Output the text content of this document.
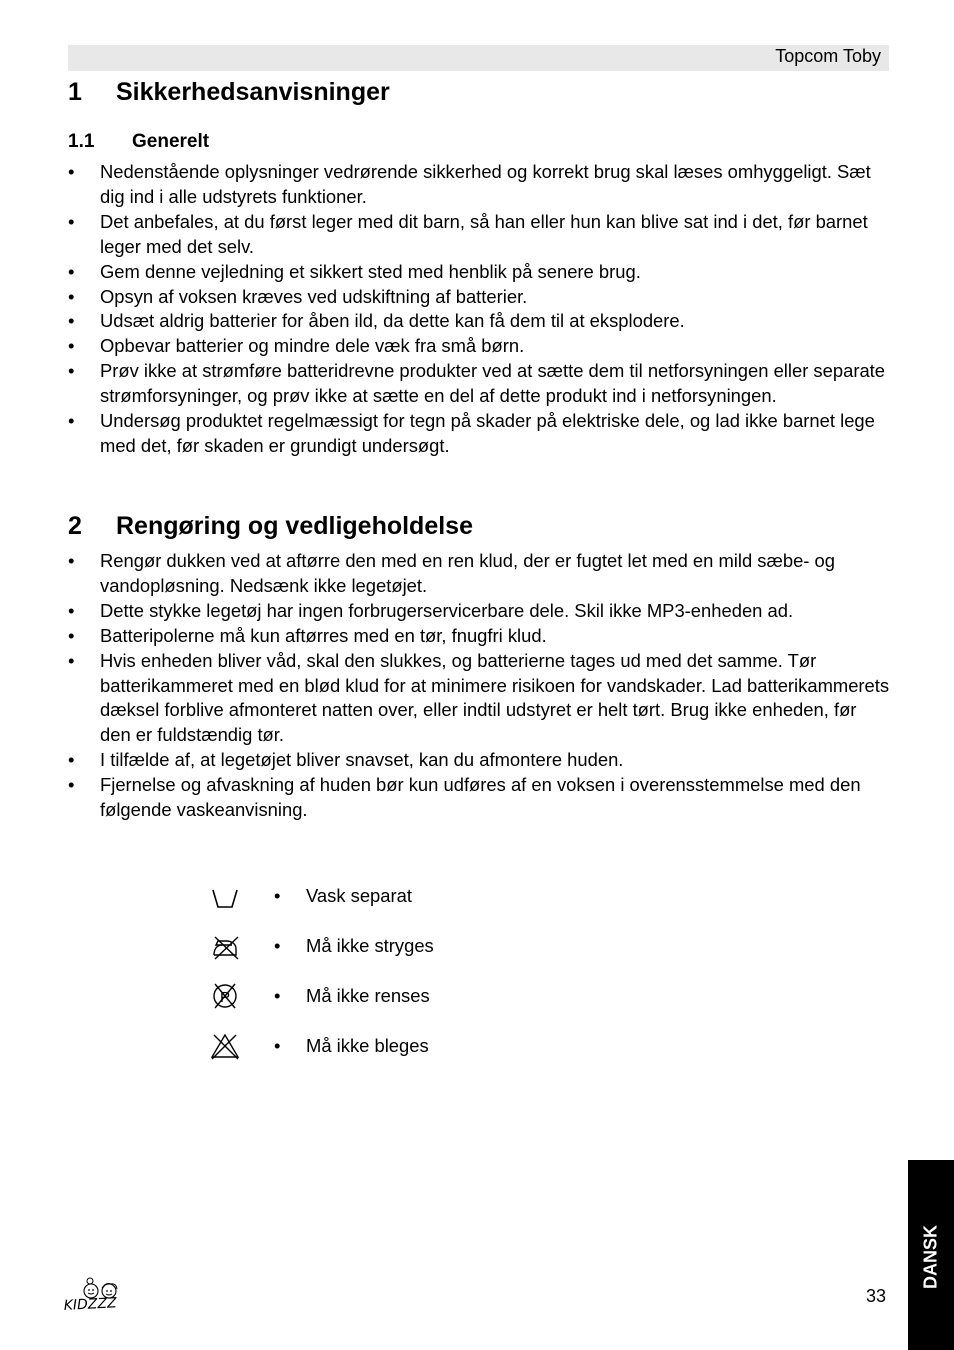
Topcom Toby
1 Sikkerhedsanvisninger
1.1 Generelt
• Nedenstående oplysninger vedrørende sikkerhed og korrekt brug skal læses omhyggeligt. Sæt dig ind i alle udstyrets funktioner.
• Det anbefales, at du først leger med dit barn, så han eller hun kan blive sat ind i det, før barnet leger med det selv.
• Gem denne vejledning et sikkert sted med henblik på senere brug.
• Opsyn af voksen kræves ved udskiftning af batterier.
• Udsæt aldrig batterier for åben ild, da dette kan få dem til at eksplodere.
• Opbevar batterier og mindre dele væk fra små børn.
• Prøv ikke at strømføre batteridrevne produkter ved at sætte dem til netforsyningen eller separate strømforsyninger, og prøv ikke at sætte en del af dette produkt ind i netforsyningen.
• Undersøg produktet regelmæssigt for tegn på skader på elektriske dele, og lad ikke barnet lege med det, før skaden er grundigt undersøgt.
2 Rengøring og vedligeholdelse
• Rengør dukken ved at aftørre den med en ren klud, der er fugtet let med en mild sæbe- og vandopløsning. Nedsænk ikke legetøjet.
• Dette stykke legetøj har ingen forbrugerservicerbare dele. Skil ikke MP3-enheden ad.
• Batteripolerne må kun aftørres med en tør, fnugfri klud.
• Hvis enheden bliver våd, skal den slukkes, og batterierne tages ud med det samme. Tør batterikammeret med en blød klud for at minimere risikoen for vandskader. Lad batterikammerets dæksel forblive afmonteret natten over, eller indtil udstyret er helt tørt. Brug ikke enheden, før den er fuldstændig tør.
• I tilfælde af, at legetøjet bliver snavset, kan du afmontere huden.
• Fjernelse og afvaskning af huden bør kun udføres af en voksen i overensstemmelse med den følgende vaskeanvisning.
• Vask separat
• Må ikke stryges
P • Må ikke renses
• Må ikke bleges
KIDZZZ	33
DANSK
